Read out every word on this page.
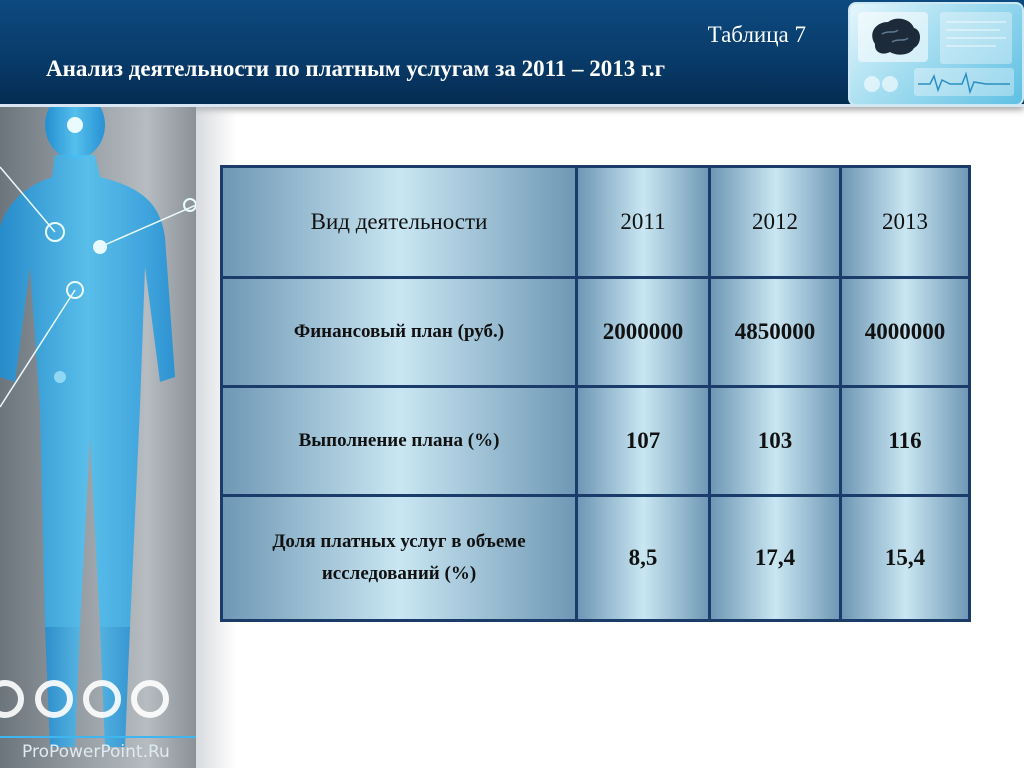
Таблица 7
Анализ деятельности по платным услугам за 2011 – 2013 г.г
ProPowerPoint.Ru
Вид деятельности	2011	2012	2013
Финансовый план (руб.)	2000000	4850000	4000000
Выполнение плана (%)	107	103	116
Доля платных услуг в объеме исследований (%)	8,5	17,4	15,4
